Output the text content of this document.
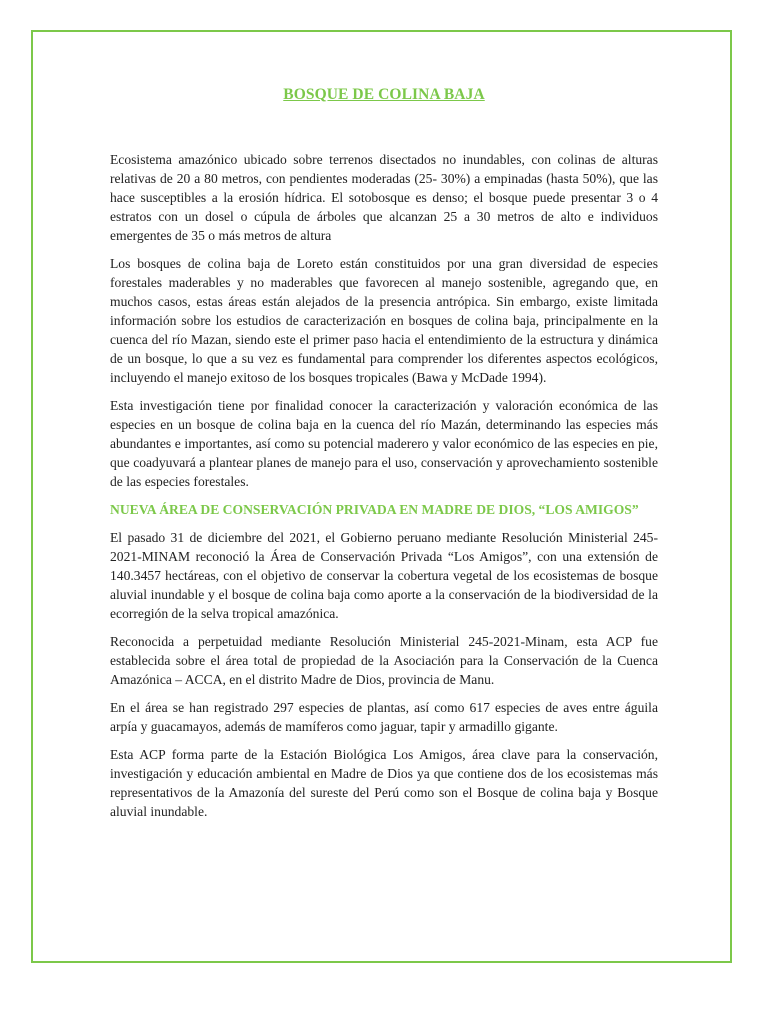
BOSQUE DE COLINA BAJA

Ecosistema amazónico ubicado sobre terrenos disectados no inundables, con colinas de alturas relativas de 20 a 80 metros, con pendientes moderadas (25- 30%) a empinadas (hasta 50%), que las hace susceptibles a la erosión hídrica. El sotobosque es denso; el bosque puede presentar 3 o 4 estratos con un dosel o cúpula de árboles que alcanzan 25 a 30 metros de alto e individuos emergentes de 35 o más metros de altura

Los bosques de colina baja de Loreto están constituidos por una gran diversidad de especies forestales maderables y no maderables que favorecen al manejo sostenible, agregando que, en muchos casos, estas áreas están alejados de la presencia antrópica. Sin embargo, existe limitada información sobre los estudios de caracterización en bosques de colina baja, principalmente en la cuenca del río Mazan, siendo este el primer paso hacia el entendimiento de la estructura y dinámica de un bosque, lo que a su vez es fundamental para comprender los diferentes aspectos ecológicos, incluyendo el manejo exitoso de los bosques tropicales (Bawa y McDade 1994).

Esta investigación tiene por finalidad conocer la caracterización y valoración económica de las especies en un bosque de colina baja en la cuenca del río Mazán, determinando las especies más abundantes e importantes, así como su potencial maderero y valor económico de las especies en pie, que coadyuvará a plantear planes de manejo para el uso, conservación y aprovechamiento sostenible de las especies forestales.

NUEVA ÁREA DE CONSERVACIÓN PRIVADA EN MADRE DE DIOS, “LOS AMIGOS”

El pasado 31 de diciembre del 2021, el Gobierno peruano mediante Resolución Ministerial 245-2021-MINAM reconoció la Área de Conservación Privada “Los Amigos”, con una extensión de 140.3457 hectáreas, con el objetivo de conservar la cobertura vegetal de los ecosistemas de bosque aluvial inundable y el bosque de colina baja como aporte a la conservación de la biodiversidad de la ecorregión de la selva tropical amazónica.

Reconocida a perpetuidad mediante Resolución Ministerial 245-2021-Minam, esta ACP fue establecida sobre el área total de propiedad de la Asociación para la Conservación de la Cuenca Amazónica – ACCA, en el distrito Madre de Dios, provincia de Manu.

En el área se han registrado 297 especies de plantas, así como 617 especies de aves entre águila arpía y guacamayos, además de mamíferos como jaguar, tapir y armadillo gigante.

Esta ACP forma parte de la Estación Biológica Los Amigos, área clave para la conservación, investigación y educación ambiental en Madre de Dios ya que contiene dos de los ecosistemas más representativos de la Amazonía del sureste del Perú como son el Bosque de colina baja y Bosque aluvial inundable.
